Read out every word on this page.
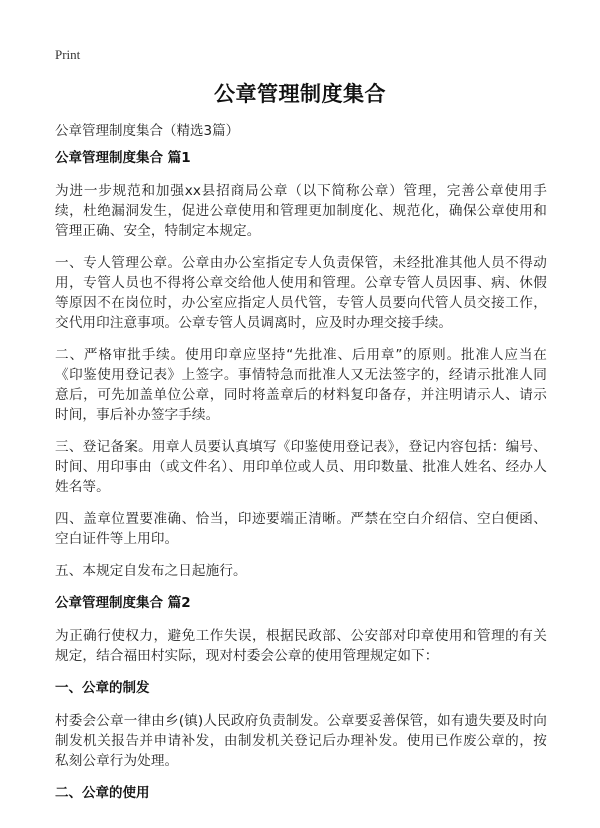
Print
公章管理制度集合
公章管理制度集合（精选3篇）
公章管理制度集合 篇1

为进一步规范和加强xx县招商局公章（以下简称公章）管理，完善公章使用手续，杜绝漏洞发生，促进公章使用和管理更加制度化、规范化，确保公章使用和管理正确、安全，特制定本规定。

一、专人管理公章。公章由办公室指定专人负责保管，未经批准其他人员不得动用，专管人员也不得将公章交给他人使用和管理。公章专管人员因事、病、休假等原因不在岗位时，办公室应指定人员代管，专管人员要向代管人员交接工作，交代用印注意事项。公章专管人员调离时，应及时办理交接手续。

二、严格审批手续。使用印章应坚持“先批准、后用章”的原则。批准人应当在《印鉴使用登记表》上签字。事情特急而批准人又无法签字的，经请示批准人同意后，可先加盖单位公章，同时将盖章后的材料复印备存，并注明请示人、请示时间，事后补办签字手续。

三、登记备案。用章人员要认真填写《印鉴使用登记表》，登记内容包括：编号、时间、用印事由（或文件名）、用印单位或人员、用印数量、批准人姓名、经办人姓名等。

四、盖章位置要准确、恰当，印迹要端正清晰。严禁在空白介绍信、空白便函、空白证件等上用印。

五、本规定自发布之日起施行。

公章管理制度集合 篇2

为正确行使权力，避免工作失误，根据民政部、公安部对印章使用和管理的有关规定，结合福田村实际，现对村委会公章的使用管理规定如下：

一、公章的制发

村委会公章一律由乡(镇)人民政府负责制发。公章要妥善保管，如有遗失要及时向制发机关报告并申请补发，由制发机关登记后办理补发。使用已作废公章的，按私刻公章行为处理。

二、公章的使用
